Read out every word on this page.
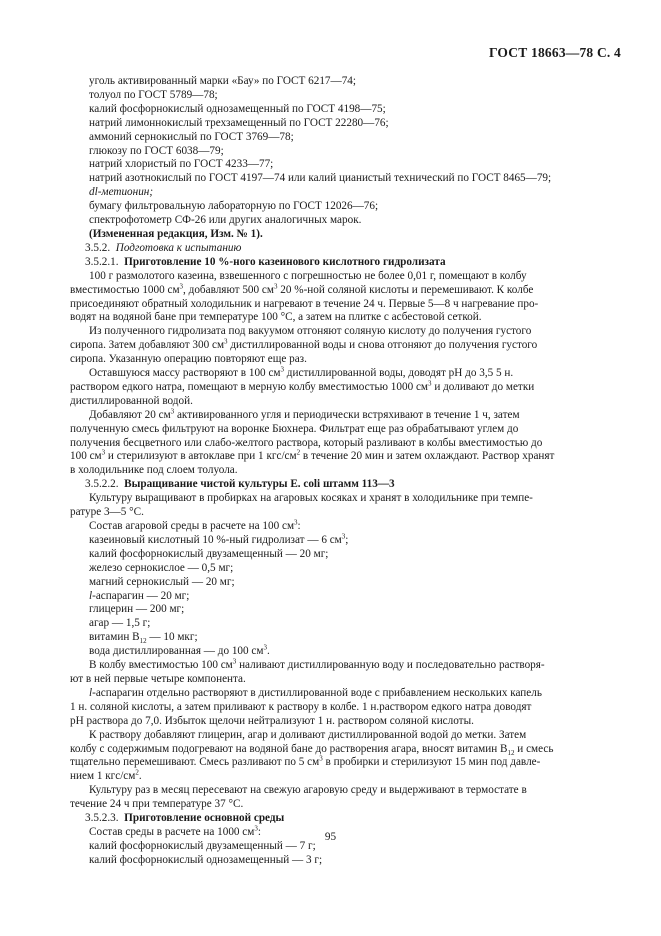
ГОСТ 18663—78 С. 4
уголь активированный марки «Бау» по ГОСТ 6217—74;
толуол по ГОСТ 5789—78;
калий фосфорнокислый однозамещенный по ГОСТ 4198—75;
натрий лимоннокислый трехзамещенный по ГОСТ 22280—76;
аммоний сернокислый по ГОСТ 3769—78;
глюкозу по ГОСТ 6038—79;
натрий хлористый по ГОСТ 4233—77;
натрий азотнокислый по ГОСТ 4197—74 или калий цианистый технический по ГОСТ 8465—79;
dl-метионин;
бумагу фильтровальную лабораторную по ГОСТ 12026—76;
спектрофотометр СФ-26 или других аналогичных марок.
(Измененная редакция, Изм. № 1).
3.5.2. Подготовка к испытанию
3.5.2.1. Приготовление 10 %-ного казеинового кислотного гидролизата
100 г размолотого казеина, взвешенного с погрешностью не более 0,01 г, помещают в колбу
вместимостью 1000 $см^3$, добавляют 500 $см^3$ 20 %-ной соляной кислоты и перемешивают. К колбе
присоединяют обратный холодильник и нагревают в течение 24 ч. Первые 5—8 ч нагревание про-
водят на водяной бане при температуре 100 °С, а затем на плитке с асбестовой сеткой.
Из полученного гидролизата под вакуумом отгоняют соляную кислоту до получения густого
сиропа. Затем добавляют 300 $см^3$ дистиллированной воды и снова отгоняют до получения густого
сиропа. Указанную операцию повторяют еще раз.
Оставшуюся массу растворяют в 100 $см^3$ дистиллированной воды, доводят рН до 3,5 5 н.
раствором едкого натра, помещают в мерную колбу вместимостью 1000 $см^3$ и доливают до метки
дистиллированной водой.
Добавляют 20 $см^3$ активированного угля и периодически встряхивают в течение 1 ч, затем
полученную смесь фильтруют на воронке Бюхнера. Фильтрат еще раз обрабатывают углем до
получения бесцветного или слабо-желтого раствора, который разливают в колбы вместимостью до
100 $см^3$ и стерилизуют в автоклаве при 1 кгс/$см^2$ в течение 20 мин и затем охлаждают. Раствор хранят
в холодильнике под слоем толуола.
3.5.2.2. Выращивание чистой культуры E. coli штамм 113—3
Культуру выращивают в пробирках на агаровых косяках и хранят в холодильнике при темпе-
ратуре 3—5 °С.
Состав агаровой среды в расчете на 100 $см^3$:
казеиновый кислотный 10 %-ный гидролизат — 6 $см^3$;
калий фосфорнокислый двузамещенный — 20 мг;
железо сернокислое — 0,5 мг;
магний сернокислый — 20 мг;
l-аспарагин — 20 мг;
глицерин — 200 мг;
агар — 1,5 г;
витамин $B_{12}$ — 10 мкг;
вода дистиллированная — до 100 $см^3$.
В колбу вместимостью 100 $см^3$ наливают дистиллированную воду и последовательно растворя-
ют в ней первые четыре компонента.
l-аспарагин отдельно растворяют в дистиллированной воде с прибавлением нескольких капель
1 н. соляной кислоты, а затем приливают к раствору в колбе. 1 н.раствором едкого натра доводят
рН раствора до 7,0. Избыток щелочи нейтрализуют 1 н. раствором соляной кислоты.
К раствору добавляют глицерин, агар и доливают дистиллированной водой до метки. Затем
колбу с содержимым подогревают на водяной бане до растворения агара, вносят витамин $B_{12}$ и смесь
тщательно перемешивают. Смесь разливают по 5 $см^3$ в пробирки и стерилизуют 15 мин под давле-
нием 1 кгс/$см^2$.
Культуру раз в месяц пересевают на свежую агаровую среду и выдерживают в термостате в
течение 24 ч при температуре 37 °С.
3.5.2.3. Приготовление основной среды
Состав среды в расчете на 1000 $см^3$:
калий фосфорнокислый двузамещенный — 7 г;
калий фосфорнокислый однозамещенный — 3 г;
95
